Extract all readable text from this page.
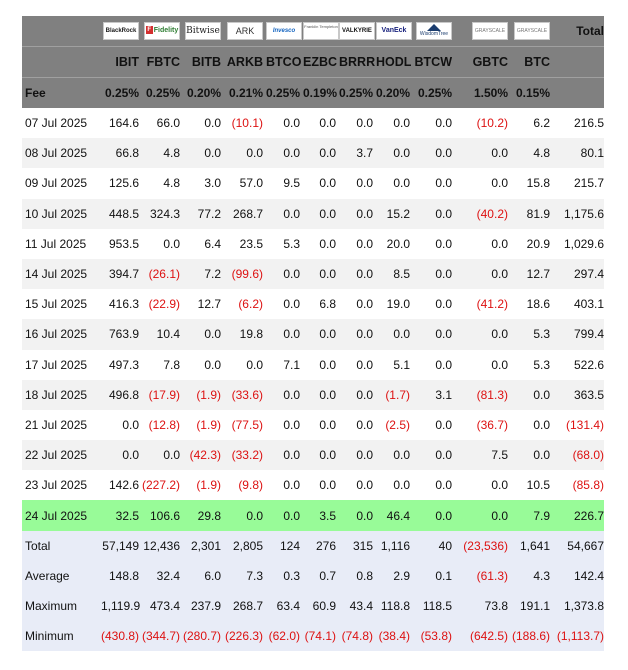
	BlackRock	F Fidelity	Bitwise	ARK	Invesco	Franklin Templeton	VALKYRIE	VanEck	WisdomTree	GRAYSCALE	GRAYSCALE	Total
	IBIT	FBTC	BITB	ARKB	BTCO	EZBC	BRRR	HODL	BTCW	GBTC	BTC	
Fee	0.25%	0.25%	0.20%	0.21%	0.25%	0.19%	0.25%	0.20%	0.25%	1.50%	0.15%	
07 Jul 2025	164.6	66.0	0.0	(10.1)	0.0	0.0	0.0	0.0	0.0	(10.2)	6.2	216.5
08 Jul 2025	66.8	4.8	0.0	0.0	0.0	0.0	3.7	0.0	0.0	0.0	4.8	80.1
09 Jul 2025	125.6	4.8	3.0	57.0	9.5	0.0	0.0	0.0	0.0	0.0	15.8	215.7
10 Jul 2025	448.5	324.3	77.2	268.7	0.0	0.0	0.0	15.2	0.0	(40.2)	81.9	1,175.6
11 Jul 2025	953.5	0.0	6.4	23.5	5.3	0.0	0.0	20.0	0.0	0.0	20.9	1,029.6
14 Jul 2025	394.7	(26.1)	7.2	(99.6)	0.0	0.0	0.0	8.5	0.0	0.0	12.7	297.4
15 Jul 2025	416.3	(22.9)	12.7	(6.2)	0.0	6.8	0.0	19.0	0.0	(41.2)	18.6	403.1
16 Jul 2025	763.9	10.4	0.0	19.8	0.0	0.0	0.0	0.0	0.0	0.0	5.3	799.4
17 Jul 2025	497.3	7.8	0.0	0.0	7.1	0.0	0.0	5.1	0.0	0.0	5.3	522.6
18 Jul 2025	496.8	(17.9)	(1.9)	(33.6)	0.0	0.0	0.0	(1.7)	3.1	(81.3)	0.0	363.5
21 Jul 2025	0.0	(12.8)	(1.9)	(77.5)	0.0	0.0	0.0	(2.5)	0.0	(36.7)	0.0	(131.4)
22 Jul 2025	0.0	0.0	(42.3)	(33.2)	0.0	0.0	0.0	0.0	0.0	7.5	0.0	(68.0)
23 Jul 2025	142.6	(227.2)	(1.9)	(9.8)	0.0	0.0	0.0	0.0	0.0	0.0	10.5	(85.8)
24 Jul 2025	32.5	106.6	29.8	0.0	0.0	3.5	0.0	46.4	0.0	0.0	7.9	226.7
Total	57,149	12,436	2,301	2,805	124	276	315	1,116	40	(23,536)	1,641	54,667
Average	148.8	32.4	6.0	7.3	0.3	0.7	0.8	2.9	0.1	(61.3)	4.3	142.4
Maximum	1,119.9	473.4	237.9	268.7	63.4	60.9	43.4	118.8	118.5	73.8	191.1	1,373.8
Minimum	(430.8)	(344.7)	(280.7)	(226.3)	(62.0)	(74.1)	(74.8)	(38.4)	(53.8)	(642.5)	(188.6)	(1,113.7)
